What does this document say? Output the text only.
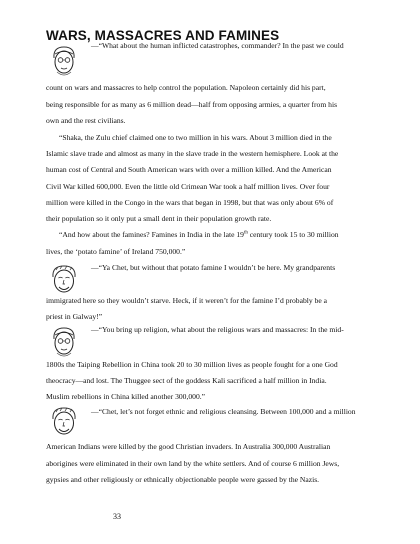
WARS, MASSACRES AND FAMINES
—“What about the human inflicted catastrophes, commander? In the past we could
count on wars and massacres to help control the population. Napoleon certainly did his part,
being responsible for as many as 6 million dead—half from opposing armies, a quarter from his
own and the rest civilians.
“Shaka, the Zulu chief claimed one to two million in his wars. About 3 million died in the
Islamic slave trade and almost as many in the slave trade in the western hemisphere. Look at the
human cost of Central and South American wars with over a million killed. And the American
Civil War killed 600,000. Even the little old Crimean War took a half million lives. Over four
million were killed in the Congo in the wars that began in 1998, but that was only about 6% of
their population so it only put a small dent in their population growth rate.
“And how about the famines? Famines in India in the late 19th century took 15 to 30 million
lives, the ‘potato famine’ of Ireland 750,000.”
—“Ya Chet, but without that potato famine I wouldn’t be here. My grandparents
immigrated here so they wouldn’t starve. Heck, if it weren’t for the famine I’d probably be a
priest in Galway!”
—“You bring up religion, what about the religious wars and massacres: In the mid-
1800s the Taiping Rebellion in China took 20 to 30 million lives as people fought for a one God
theocracy—and lost. The Thuggee sect of the goddess Kali sacrificed a half million in India.
Muslim rebellions in China killed another 300,000.”
—“Chet, let’s not forget ethnic and religious cleansing. Between 100,000 and a million
American Indians were killed by the good Christian invaders. In Australia 300,000 Australian
aborigines were eliminated in their own land by the white settlers. And of course 6 million Jews,
gypsies and other religiously or ethnically objectionable people were gassed by the Nazis.
33
